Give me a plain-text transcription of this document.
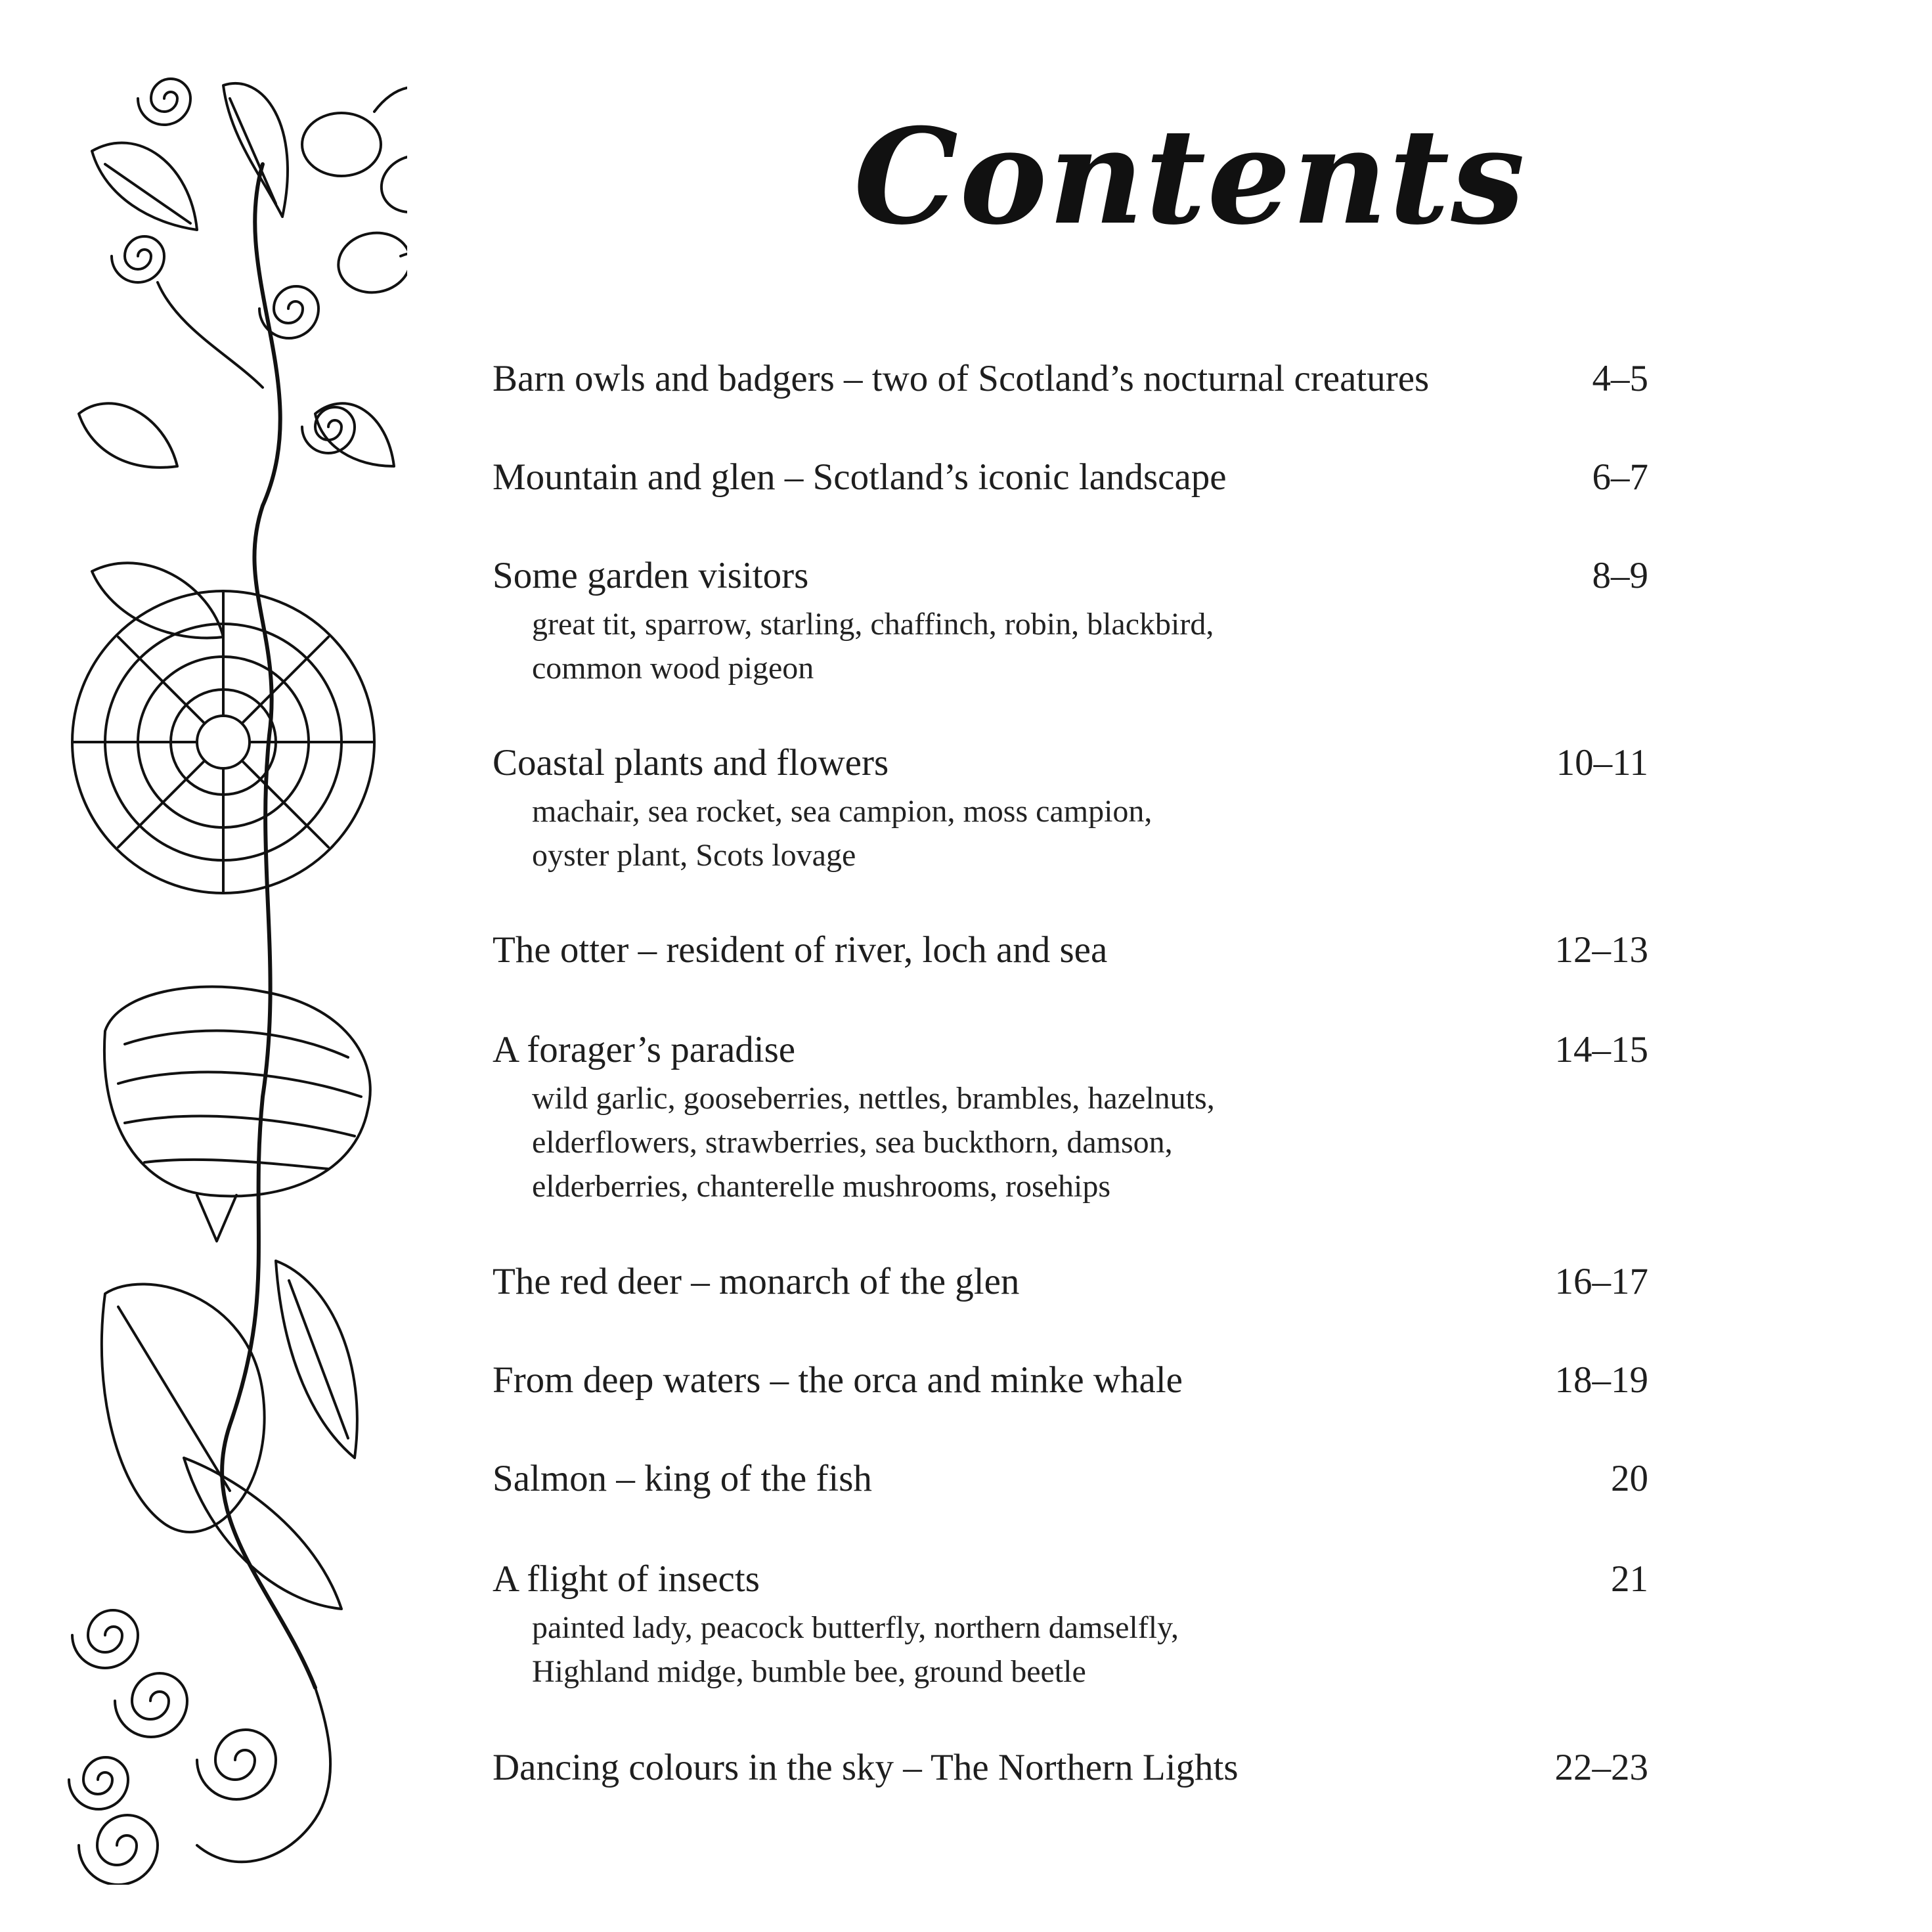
Contents
Barn owls and badgers – two of Scotland’s nocturnal creatures	4–5
Mountain and glen – Scotland’s iconic landscape	6–7
Some garden visitors	8–9
great tit, sparrow, starling, chaffinch, robin, blackbird,
common wood pigeon
Coastal plants and flowers	10–11
machair, sea rocket, sea campion, moss campion,
oyster plant, Scots lovage
The otter – resident of river, loch and sea	12–13
A forager’s paradise	14–15
wild garlic, gooseberries, nettles, brambles, hazelnuts,
elderflowers, strawberries, sea buckthorn, damson,
elderberries, chanterelle mushrooms, rosehips
The red deer – monarch of the glen	16–17
From deep waters – the orca and minke whale	18–19
Salmon – king of the fish	20
A flight of insects	21
painted lady, peacock butterfly, northern damselfly,
Highland midge, bumble bee, ground beetle
Dancing colours in the sky – The Northern Lights	22–23
